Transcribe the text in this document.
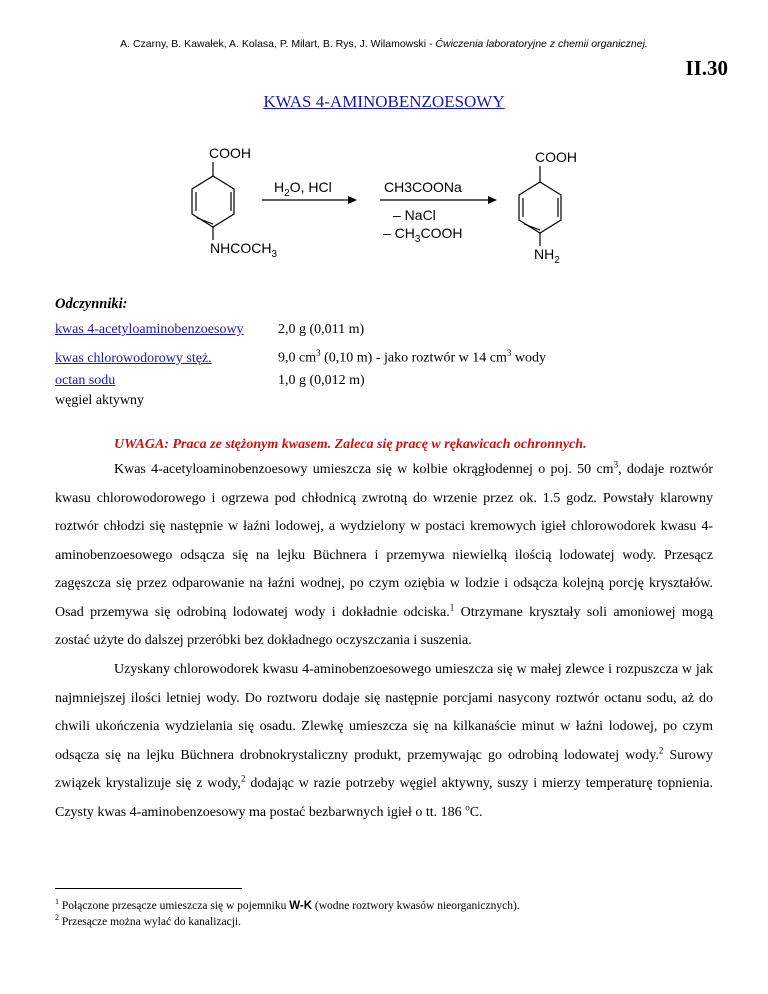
A. Czarny, B. Kawałek, A. Kolasa, P. Milart, B. Rys, J. Wilamowski - Ćwiczenia laboratoryjne z chemii organicznej.
II.30
KWAS 4-AMINOBENZOESOWY
COOH
$NHCOCH_3$
$H_2O$, HCl	CH3COONa
– NaCl
– $CH_3COOH$
COOH
$NH_2$
Odczynniki:
kwas 4-acetyloaminobenzoesowy 2,0 g (0,011 m)
kwas chlorowodorowy stęż.	9,0 $cm^3$ (0,10 m) - jako roztwór w 14 $cm^3$ wody
octan sodu	1,0 g (0,012 m)
węgiel aktywny
UWAGA: Praca ze stężonym kwasem. Zaleca się pracę w rękawicach ochronnych.
Kwas 4-acetyloaminobenzoesowy umieszcza się w kolbie okrągłodennej o poj. 50 $cm^3$, dodaje roztwór kwasu chlorowodorowego i ogrzewa pod chłodnicą zwrotną do wrzenie przez ok. 1.5 godz. Powstały klarowny roztwór chłodzi się następnie w łaźni lodowej, a wydzielony w postaci kremowych igieł chlorowodorek kwasu 4-aminobenzoesowego odsącza się na lejku Büchnera i przemywa niewielką ilością lodowatej wody. Przesącz zagęszcza się przez odparowanie na łaźni wodnej, po czym oziębia w lodzie i odsącza kolejną porcję kryształów. Osad przemywa się odrobiną lodowatej wody i dokładnie odciska.$^1$ Otrzymane kryształy soli amoniowej mogą zostać użyte do dalszej przeróbki bez dokładnego oczyszczania i suszenia.
Uzyskany chlorowodorek kwasu 4-aminobenzoesowego umieszcza się w małej zlewce i rozpuszcza w jak najmniejszej ilości letniej wody. Do roztworu dodaje się następnie porcjami nasycony roztwór octanu sodu, aż do chwili ukończenia wydzielania się osadu. Zlewkę umieszcza się na kilkanaście minut w łaźni lodowej, po czym odsącza się na lejku Büchnera drobnokrystaliczny produkt, przemywając go odrobiną lodowatej wody.$^2$ Surowy związek krystalizuje się z wody,$^2$ dodając w razie potrzeby węgiel aktywny, suszy i mierzy temperaturę topnienia. Czysty kwas 4-aminobenzoesowy ma postać bezbarwnych igieł o tt. 186 $^o$C.
$^1$ Połączone przesącze umieszcza się w pojemniku W-K (wodne roztwory kwasów nieorganicznych).
$^2$ Przesącze można wylać do kanalizacji.
